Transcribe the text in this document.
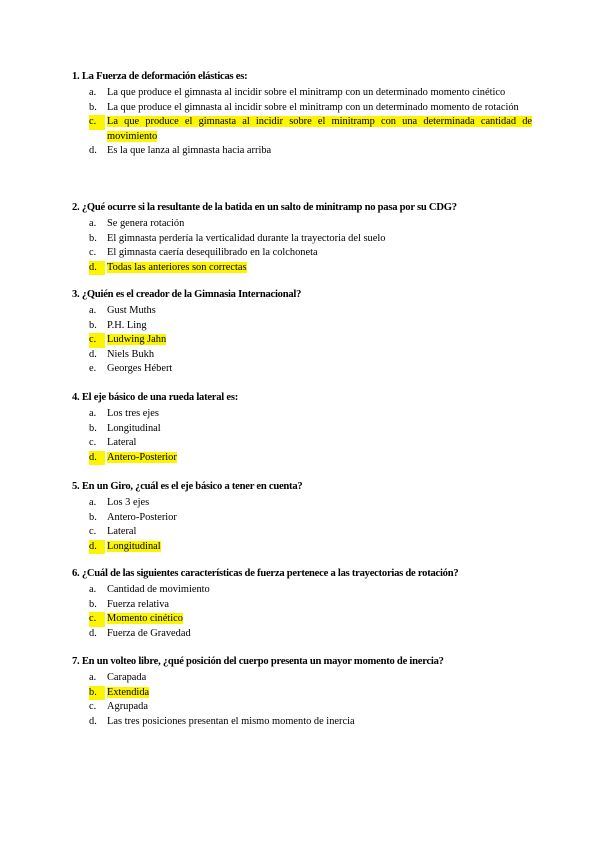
1. La Fuerza de deformación elásticas es:
a.	La que produce el gimnasta al incidir sobre el minitramp con un determinado momento cinético
b. La que produce el gimnasta al incidir sobre el minitramp con un determinado momento de rotación
c.	La que produce el gimnasta al incidir sobre el minitramp con una determinada cantidad de movimiento
d. Es la que lanza al gimnasta hacia arriba
2. ¿Qué ocurre si la resultante de la batida en un salto de minitramp no pasa por su CDG?
a.	Se genera rotación
b. El gimnasta perdería la verticalidad durante la trayectoria del suelo
c.	El gimnasta caería desequilibrado en la colchoneta
d. Todas las anteriores son correctas
3. ¿Quién es el creador de la Gimnasia Internacional?
a.	Gust Muths
b. P.H. Ling
c.	Ludwing Jahn
d. Niels Bukh
e.	Georges Hébert
4. El eje básico de una rueda lateral es:
a.	Los tres ejes
b. Longitudinal
c.	Lateral
d. Antero-Posterior
5. En un Giro, ¿cuál es el eje básico a tener en cuenta?
a.	Los 3 ejes
b. Antero-Posterior
c.	Lateral
d. Longitudinal
6. ¿Cuál de las siguientes características de fuerza pertenece a las trayectorias de rotación?
a.	Cantidad de movimiento
b. Fuerza relativa
c.	Momento cinético
d. Fuerza de Gravedad
7. En un volteo libre, ¿qué posición del cuerpo presenta un mayor momento de inercia?
a.	Carapada
b. Extendida
c.	Agrupada
d. Las tres posiciones presentan el mismo momento de inercia
